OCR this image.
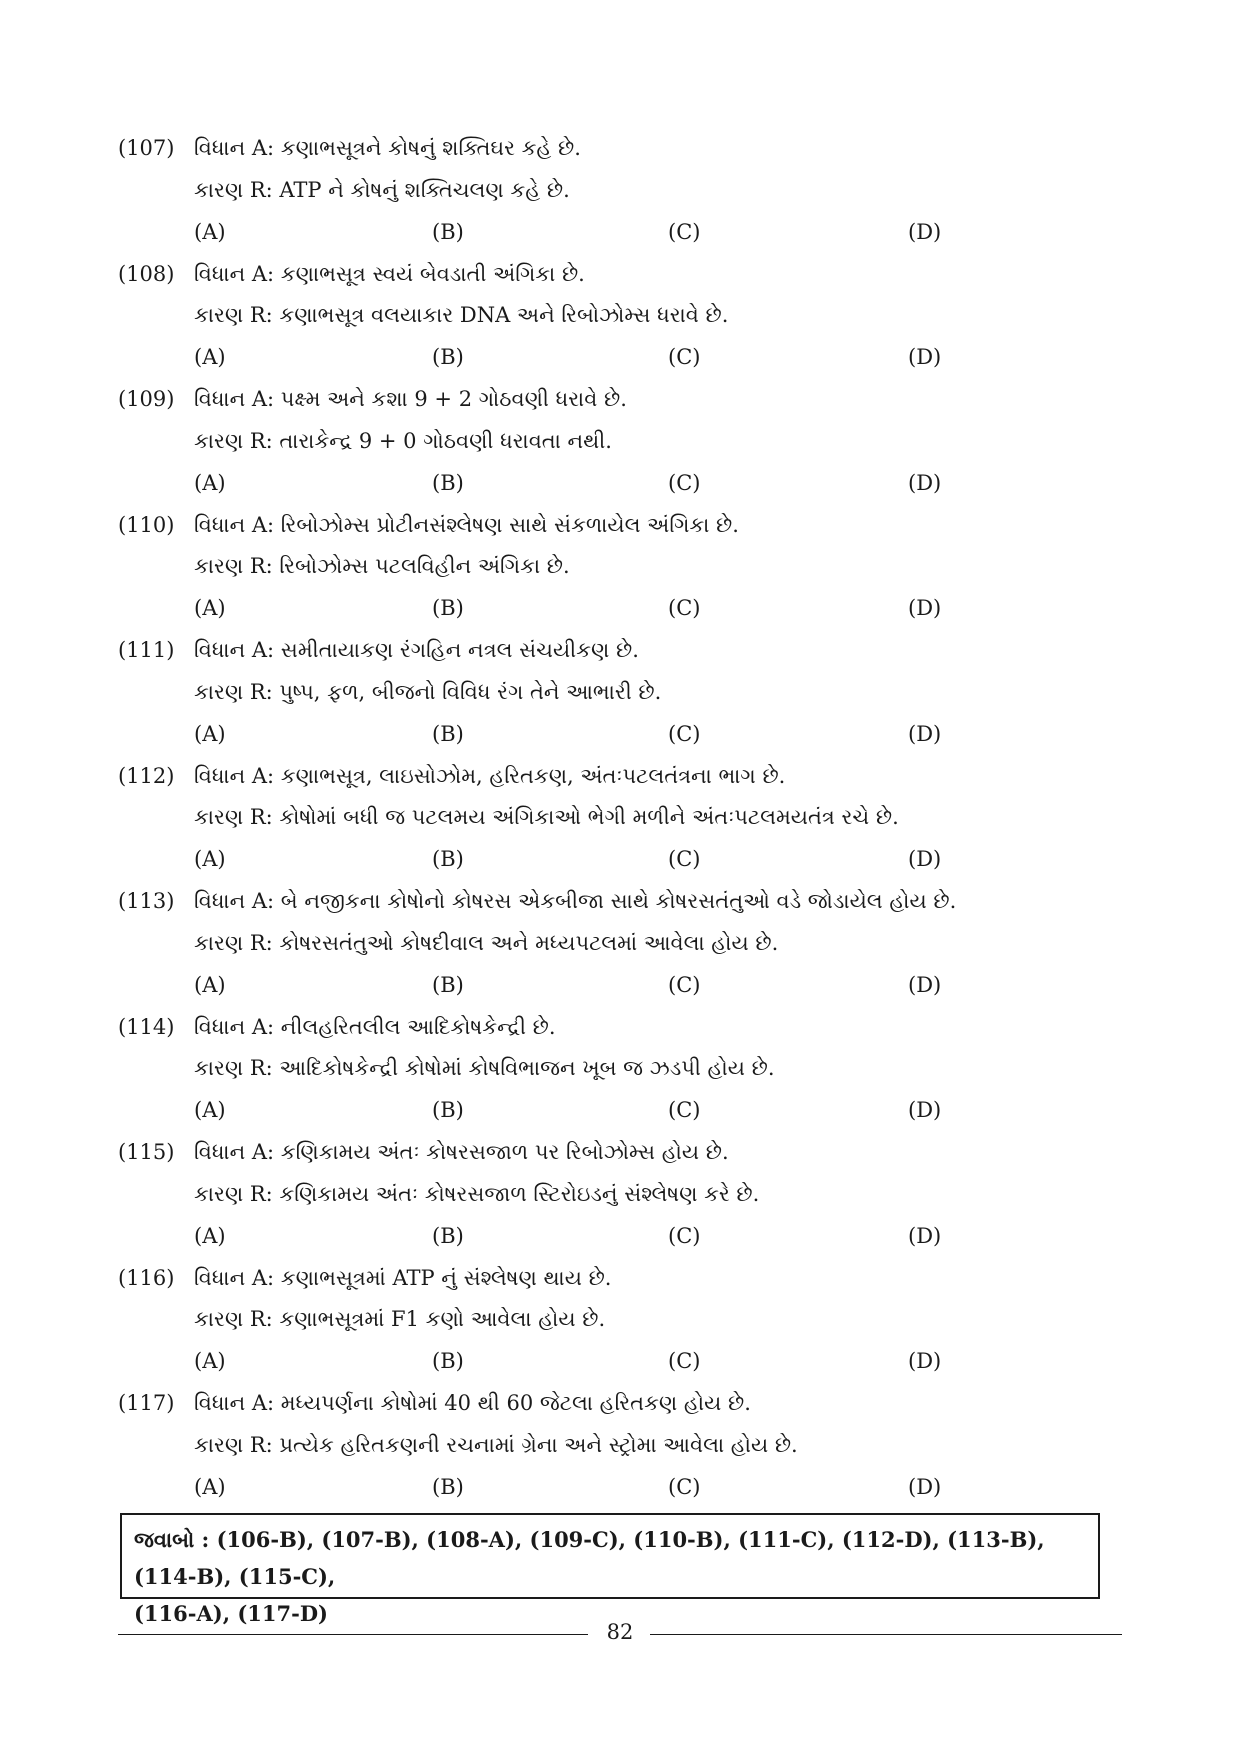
(107) વિધાન A: કણાભસૂત્રને કોષનું શક્તિઘર કહે છે.
કારણ R: ATP ને કોષનું શક્તિચલણ કહે છે.
(A)	(B)	(C)	(D)
(108) વિધાન A: કણાભસૂત્ર સ્વયં બેવડાતી અંગિકા છે.
કારણ R: કણાભસૂત્ર વલયાકાર DNA અને રિબોઝોમ્સ ધરાવે છે.
(A)	(B)	(C)	(D)
(109) વિધાન A: પક્ષ્મ અને કશા 9 + 2 ગોઠવણી ધરાવે છે.
કારણ R: તારાકેન્દ્ર 9 + 0 ગોઠવણી ધરાવતા નથી.
(A)	(B)	(C)	(D)
(110) વિધાન A: રિબોઝોમ્સ પ્રોટીનસંશ્લેષણ સાથે સંકળાયેલ અંગિકા છે.
કારણ R: રિબોઝોમ્સ પટલવિહીન અંગિકા છે.
(A)	(B)	(C)	(D)
(111) વિધાન A: સમીતાયાકણ રંગહિન નત્રલ સંચયીકણ છે.
કારણ R: પુષ્પ, ફળ, બીજનો વિવિધ રંગ તેને આભારી છે.
(A)	(B)	(C)	(D)
(112) વિધાન A: કણાભસૂત્ર, લાઇસોઝોમ, હરિતકણ, અંતઃપટલતંત્રના ભાગ છે.
કારણ R: કોષોમાં બધી જ પટલમય અંગિકાઓ ભેગી મળીને અંતઃપટલમયતંત્ર રચે છે.
(A)	(B)	(C)	(D)
(113) વિધાન A: બે નજીકના કોષોનો કોષરસ એકબીજા સાથે કોષરસતંતુઓ વડે જોડાયેલ હોય છે.
કારણ R: કોષરસતંતુઓ કોષદીવાલ અને મધ્યપટલમાં આવેલા હોય છે.
(A)	(B)	(C)	(D)
(114) વિધાન A: નીલહરિતલીલ આદિકોષકેન્દ્રી છે.
કારણ R: આદિકોષકેન્દ્રી કોષોમાં કોષવિભાજન ખૂબ જ ઝડપી હોય છે.
(A)	(B)	(C)	(D)
(115) વિધાન A: કણિકામય અંતઃ કોષરસજાળ પર રિબોઝોમ્સ હોય છે.
કારણ R: કણિકામય અંતઃ કોષરસજાળ સ્ટિરોઇડનું સંશ્લેષણ કરે છે.
(A)	(B)	(C)	(D)
(116) વિધાન A: કણાભસૂત્રમાં ATP નું સંશ્લેષણ થાય છે.
કારણ R: કણાભસૂત્રમાં F1 કણો આવેલા હોય છે.
(A)	(B)	(C)	(D)
(117) વિધાન A: મધ્યપર્ણના કોષોમાં 40 થી 60 જેટલા હરિતકણ હોય છે.
કારણ R: પ્રત્યેક હરિતકણની રચનામાં ગ્રેના અને સ્ટ્રોમા આવેલા હોય છે.
(A)	(B)	(C)	(D)
જવાબો : (106-B), (107-B), (108-A), (109-C), (110-B), (111-C), (112-D), (113-B), (114-B), (115-C),
(116-A), (117-D)
82
